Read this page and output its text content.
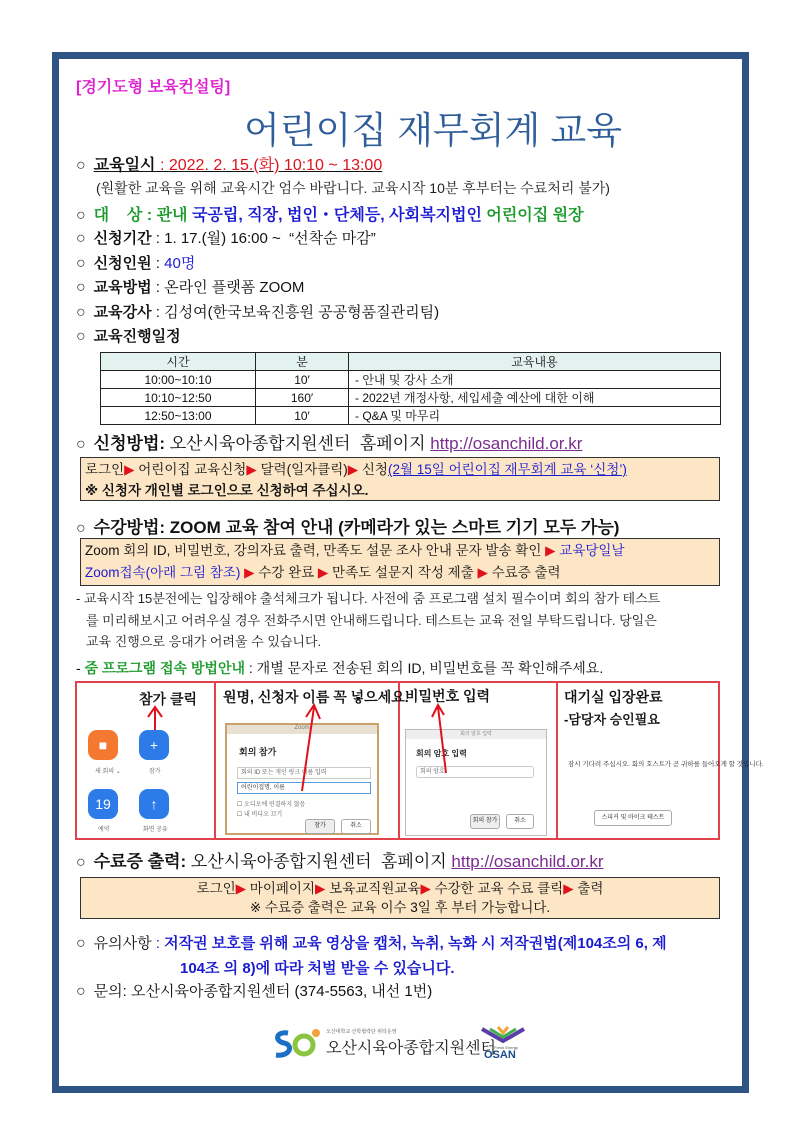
[경기도형 보육컨설팅]
어린이집 재무회계 교육
○ 교육일시 : 2022. 2. 15.(화) 10:10 ~ 13:00
(원활한 교육을 위해 교육시간 엄수 바랍니다. 교육시작 10분 후부터는 수료처리 불가)
○ 대    상 : 관내 국공립, 직장, 법인・단체등, 사회복지법인 어린이집 원장
○ 신청기간 : 1. 17.(월) 16:00 ~  “선착순 마감”
○ 신청인원 : 40명
○ 교육방법 : 온라인 플랫폼 ZOOM
○ 교육강사 : 김성여(한국보육진흥원 공공형품질관리팀)
○ 교육진행일정
시간	분	교육내용
10:00~10:10	10′	- 안내 및 강사 소개
10:10~12:50	160′	- 2022년 개정사항, 세입세출 예산에 대한 이해
12:50~13:00	10′	- Q&A 및 마무리
○ 신청방법: 오산시육아종합지원센터  홈페이지 http://osanchild.or.kr
로그인▶ 어린이집 교육신청▶ 달력(일자클릭)▶ 신청(2월 15일 어린이집 재무회계 교육 ‘신청’)
※ 신청자 개인별 로그인으로 신청하여 주십시오.
○ 수강방법: ZOOM 교육 참여 안내 (카메라가 있는 스마트 기기 모두 가능)
Zoom 회의 ID, 비밀번호, 강의자료 출력, 만족도 설문 조사 안내 문자 발송 확인 ▶ 교육당일날
Zoom접속(아래 그림 참조) ▶ 수강 완료 ▶ 만족도 설문지 작성 제출 ▶ 수료증 출력
- 교육시작 15분전에는 입장해야 출석체크가 됩니다. 사전에 줌 프로그램 설치 필수이며 회의 참가 테스트
를 미리해보시고 어려우실 경우 전화주시면 안내해드립니다. 테스트는 교육 전일 부탁드립니다. 당일은
교육 진행으로 응대가 어려울 수 있습니다.
- 줌 프로그램 접속 방법안내 : 개별 문자로 전송된 회의 ID, 비밀번호를 꼭 확인해주세요.
참가 클릭
■	+
19	↑
새 회의 ⌄	참가
예약	화면 공유
원명, 신청자 이름 꼭 넣으세요.
Zoom
회의 참가
회의 ID 또는 개인 링크 이름 입력
어린이집명, 이름
☐ 오디오에 연결하지 않음
☐ 내 비디오 끄기
참가	취소
비밀번호 입력
회의 암호 입력
회의 암호 입력
회의 암호
회의 참가	취소
대기실 입장완료
-담당자 승인필요
잠시 기다려 주십시오. 회의 호스트가 곧 귀하를 들어오게 할 것입니다.
스피커 및 마이크 테스트
○ 수료증 출력: 오산시육아종합지원센터  홈페이지 http://osanchild.or.kr
로그인▶ 마이페이지▶ 보육교직원교육▶ 수강한 교육 수료 클릭▶ 출력
※ 수료증 출력은 교육 이수 3일 후 부터 가능합니다.
○ 유의사항 : 저작권 보호를 위해 교육 영상을 캡처, 녹취, 녹화 시 저작권법(제104조의 6, 제
104조 의 8)에 따라 처벌 받을 수 있습니다.
○ 문의: 오산시육아종합지원센터 (374-5563, 내선 1번)
오산대학교 산학협력단 위탁운영
오산시육아종합지원센터
Fresh Energy
OSAN
